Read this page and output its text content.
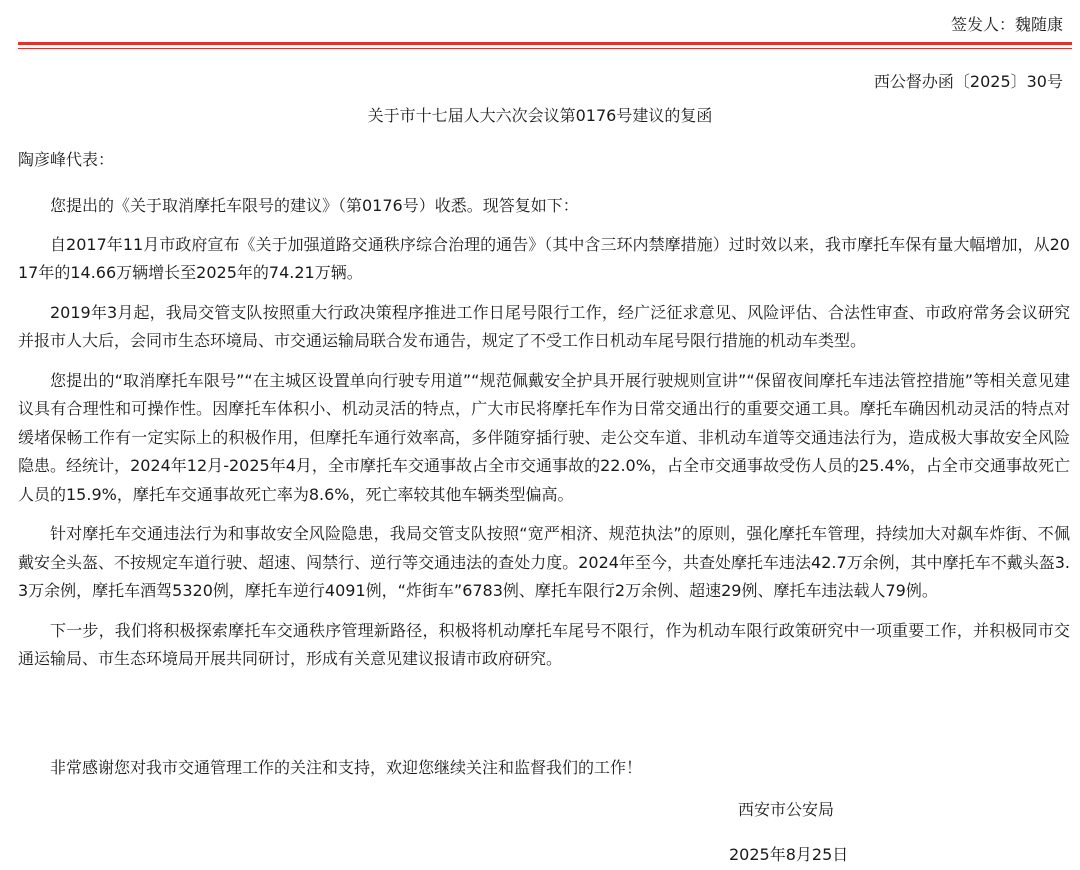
签发人：魏随康
西公督办函〔2025〕30号
关于市十七届人大六次会议第0176号建议的复函
陶彦峰代表：

您提出的《关于取消摩托车限号的建议》（第0176号）收悉。现答复如下：

自2017年11月市政府宣布《关于加强道路交通秩序综合治理的通告》（其中含三环内禁摩措施）过时效以来，我市摩托车保有量大幅增加，从2017年的14.66万辆增长至2025年的74.21万辆。

2019年3月起，我局交管支队按照重大行政决策程序推进工作日尾号限行工作，经广泛征求意见、风险评估、合法性审查、市政府常务会议研究并报市人大后，会同市生态环境局、市交通运输局联合发布通告，规定了不受工作日机动车尾号限行措施的机动车类型。

您提出的“取消摩托车限号”“在主城区设置单向行驶专用道”“规范佩戴安全护具开展行驶规则宣讲”“保留夜间摩托车违法管控措施”等相关意见建议具有合理性和可操作性。因摩托车体积小、机动灵活的特点，广大市民将摩托车作为日常交通出行的重要交通工具。摩托车确因机动灵活的特点对缓堵保畅工作有一定实际上的积极作用，但摩托车通行效率高，多伴随穿插行驶、走公交车道、非机动车道等交通违法行为，造成极大事故安全风险隐患。经统计，2024年12月-2025年4月，全市摩托车交通事故占全市交通事故的22.0%，占全市交通事故受伤人员的25.4%，占全市交通事故死亡人员的15.9%，摩托车交通事故死亡率为8.6%，死亡率较其他车辆类型偏高。

针对摩托车交通违法行为和事故安全风险隐患，我局交管支队按照“宽严相济、规范执法”的原则，强化摩托车管理，持续加大对飙车炸街、不佩戴安全头盔、不按规定车道行驶、超速、闯禁行、逆行等交通违法的查处力度。2024年至今，共查处摩托车违法42.7万余例，其中摩托车不戴头盔3.3万余例，摩托车酒驾5320例，摩托车逆行4091例，“炸街车”6783例、摩托车限行2万余例、超速29例、摩托车违法载人79例。

下一步，我们将积极探索摩托车交通秩序管理新路径，积极将机动摩托车尾号不限行，作为机动车限行政策研究中一项重要工作，并积极同市交通运输局、市生态环境局开展共同研讨，形成有关意见建议报请市政府研究。

非常感谢您对我市交通管理工作的关注和支持，欢迎您继续关注和监督我们的工作！
西安市公安局
2025年8月25日
